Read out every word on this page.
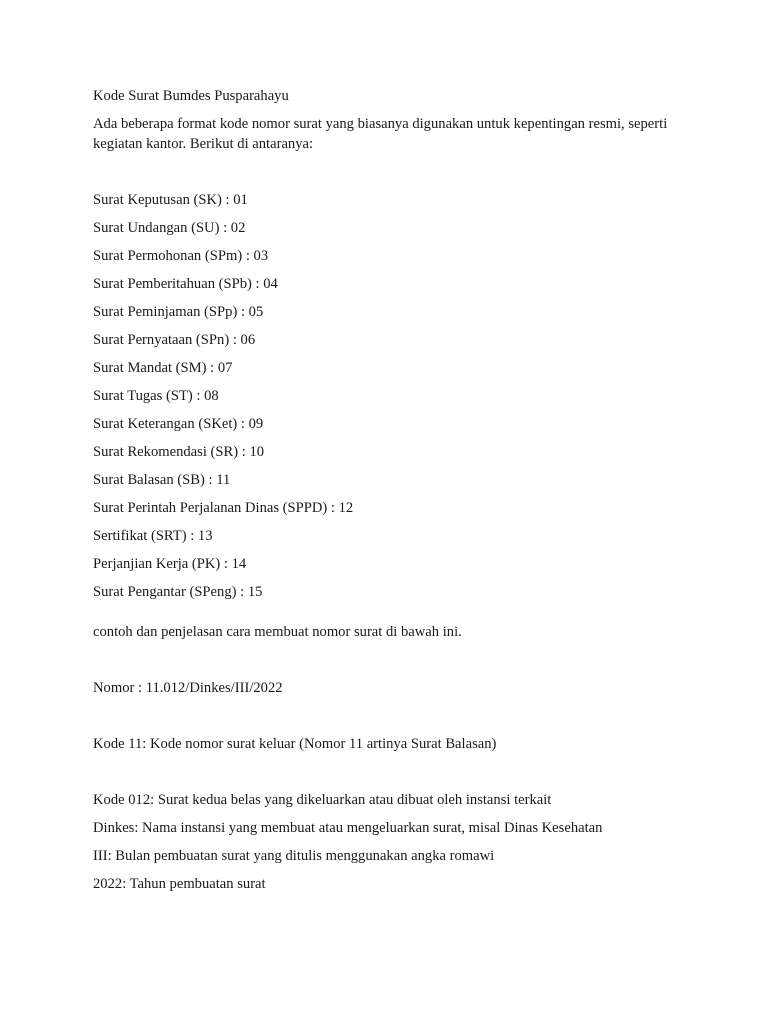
Kode Surat Bumdes Pusparahayu

Ada beberapa format kode nomor surat yang biasanya digunakan untuk kepentingan resmi, seperti kegiatan kantor. Berikut di antaranya:

Surat Keputusan (SK) : 01

Surat Undangan (SU) : 02

Surat Permohonan (SPm) : 03

Surat Pemberitahuan (SPb) : 04

Surat Peminjaman (SPp) : 05

Surat Pernyataan (SPn) : 06

Surat Mandat (SM) : 07

Surat Tugas (ST) : 08

Surat Keterangan (SKet) : 09

Surat Rekomendasi (SR) : 10

Surat Balasan (SB) : 11

Surat Perintah Perjalanan Dinas (SPPD) : 12

Sertifikat (SRT) : 13

Perjanjian Kerja (PK) : 14

Surat Pengantar (SPeng) : 15

contoh dan penjelasan cara membuat nomor surat di bawah ini.

Nomor : 11.012/Dinkes/III/2022

Kode 11: Kode nomor surat keluar (Nomor 11 artinya Surat Balasan)

Kode 012: Surat kedua belas yang dikeluarkan atau dibuat oleh instansi terkait

Dinkes: Nama instansi yang membuat atau mengeluarkan surat, misal Dinas Kesehatan

III: Bulan pembuatan surat yang ditulis menggunakan angka romawi

2022: Tahun pembuatan surat
